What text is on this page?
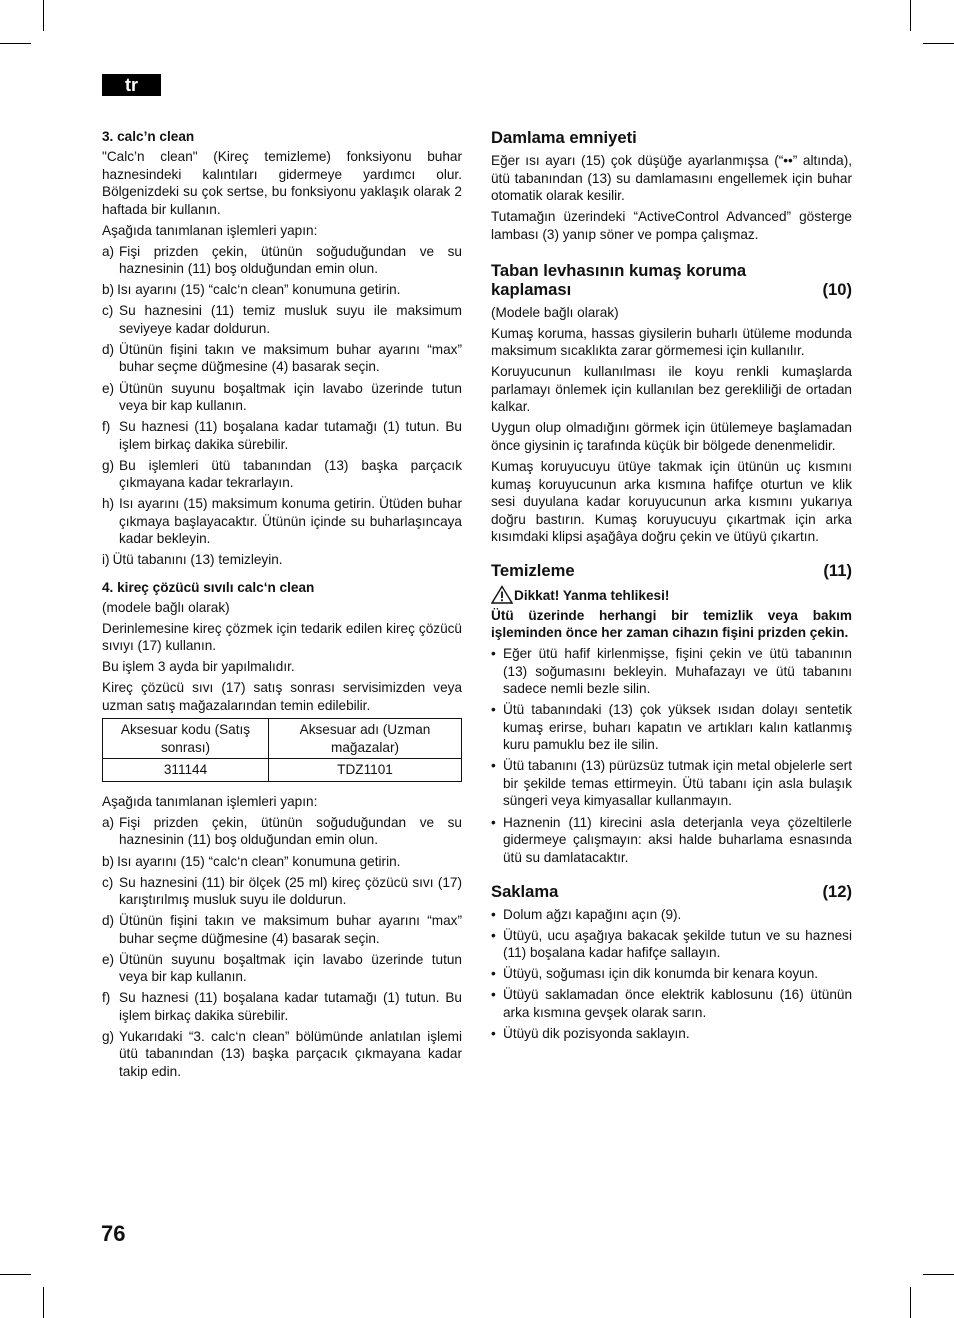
tr
3. calc’n clean

"Calc’n clean" (Kireç temizleme) fonksiyonu buhar haznesindeki kalıntıları gidermeye yardımcı olur. Bölgenizdeki su çok sertse, bu fonksiyonu yaklaşık olarak 2 haftada bir kullanın.

Aşağıda tanımlanan işlemleri yapın:

a) Fişi prizden çekin, ütünün soğuduğundan ve su haznesinin (11) boş olduğundan emin olun.
b) Isı ayarını (15) “calc‘n clean” konumuna getirin.
c) Su haznesini (11) temiz musluk suyu ile maksimum seviyeye kadar doldurun.
d) Ütünün fişini takın ve maksimum buhar ayarını “max” buhar seçme düğmesine (4) basarak seçin.
e) Ütünün suyunu boşaltmak için lavabo üzerinde tutun veya bir kap kullanın.
f) Su haznesi (11) boşalana kadar tutamağı (1) tutun. Bu işlem birkaç dakika sürebilir.
g) Bu işlemleri ütü tabanından (13) başka parçacık çıkmayana kadar tekrarlayın.
h) Isı ayarını (15) maksimum konuma getirin. Ütüden buhar çıkmaya başlayacaktır. Ütünün içinde su buharlaşıncaya kadar bekleyin.
i) Ütü tabanını (13) temizleyin.
4. kireç çözücü sıvılı calc‘n clean

(modele bağlı olarak)

Derinlemesine kireç çözmek için tedarik edilen kireç çözücü sıvıyı (17) kullanın.

Bu işlem 3 ayda bir yapılmalıdır.

Kireç çözücü sıvı (17) satış sonrası servisimizden veya uzman satış mağazalarından temin edilebilir.

Aksesuar kodu (Satış sonrası)	Aksesuar adı (Uzman mağazalar)
311144	TDZ1101

Aşağıda tanımlanan işlemleri yapın:

a) Fişi prizden çekin, ütünün soğuduğundan ve su haznesinin (11) boş olduğundan emin olun.
b) Isı ayarını (15) “calc‘n clean” konumuna getirin.
c) Su haznesini (11) bir ölçek (25 ml) kireç çözücü sıvı (17) karıştırılmış musluk suyu ile doldurun.
d) Ütünün fişini takın ve maksimum buhar ayarını “max” buhar seçme düğmesine (4) basarak seçin.
e) Ütünün suyunu boşaltmak için lavabo üzerinde tutun veya bir kap kullanın.
f) Su haznesi (11) boşalana kadar tutamağı (1) tutun. Bu işlem birkaç dakika sürebilir.
g) Yukarıdaki “3. calc‘n clean” bölümünde anlatılan işlemi ütü tabanından (13) başka parçacık çıkmayana kadar takip edin.
Damlama emniyeti

Eğer ısı ayarı (15) çok düşüğe ayarlanmışsa (“••” altında), ütü tabanından (13) su damlamasını engellemek için buhar otomatik olarak kesilir.

Tutamağın üzerindeki “ActiveControl Advanced” gösterge lambası (3) yanıp söner ve pompa çalışmaz.

Taban levhasının kumaş koruma
kaplaması	(10)

(Modele bağlı olarak)

Kumaş koruma, hassas giysilerin buharlı ütüleme modunda maksimum sıcaklıkta zarar görmemesi için kullanılır.

Koruyucunun kullanılması ile koyu renkli kumaşlarda parlamayı önlemek için kullanılan bez gerekliliği de ortadan kalkar.

Uygun olup olmadığını görmek için ütülemeye başlamadan önce giysinin iç tarafında küçük bir bölgede denenmelidir.

Kumaş koruyucuyu ütüye takmak için ütünün uç kısmını kumaş koruyucunun arka kısmına hafifçe oturtun ve klik sesi duyulana kadar koruyucunun arka kısmını yukarıya doğru bastırın. Kumaş koruyucuyu çıkartmak için arka kısımdaki klipsi aşağâya doğru çekin ve ütüyü çıkartın.

Temizleme	(11)
Dikkat! Yanma tehlikesi!

Ütü üzerinde herhangi bir temizlik veya bakım işleminden önce her zaman cihazın fişini prizden çekin.

• Eğer ütü hafif kirlenmişse, fişini çekin ve ütü tabanının (13) soğumasını bekleyin. Muhafazayı ve ütü tabanını sadece nemli bezle silin.
• Ütü tabanındaki (13) çok yüksek ısıdan dolayı sentetik kumaş erirse, buharı kapatın ve artıkları kalın katlanmış kuru pamuklu bez ile silin.
• Ütü tabanını (13) pürüzsüz tutmak için metal objelerle sert bir şekilde temas ettirmeyin. Ütü tabanı için asla bulaşık süngeri veya kimyasallar kullanmayın.
• Haznenin (11) kirecini asla deterjanla veya çözeltilerle gidermeye çalışmayın: aksi halde buharlama esnasında ütü su damlatacaktır.
Saklama	(12)
• Dolum ağzı kapağını açın (9).
• Ütüyü, ucu aşağıya bakacak şekilde tutun ve su haznesi (11) boşalana kadar hafifçe sallayın.
• Ütüyü, soğuması için dik konumda bir kenara koyun.
• Ütüyü saklamadan önce elektrik kablosunu (16) ütünün arka kısmına gevşek olarak sarın.
• Ütüyü dik pozisyonda saklayın.
76
